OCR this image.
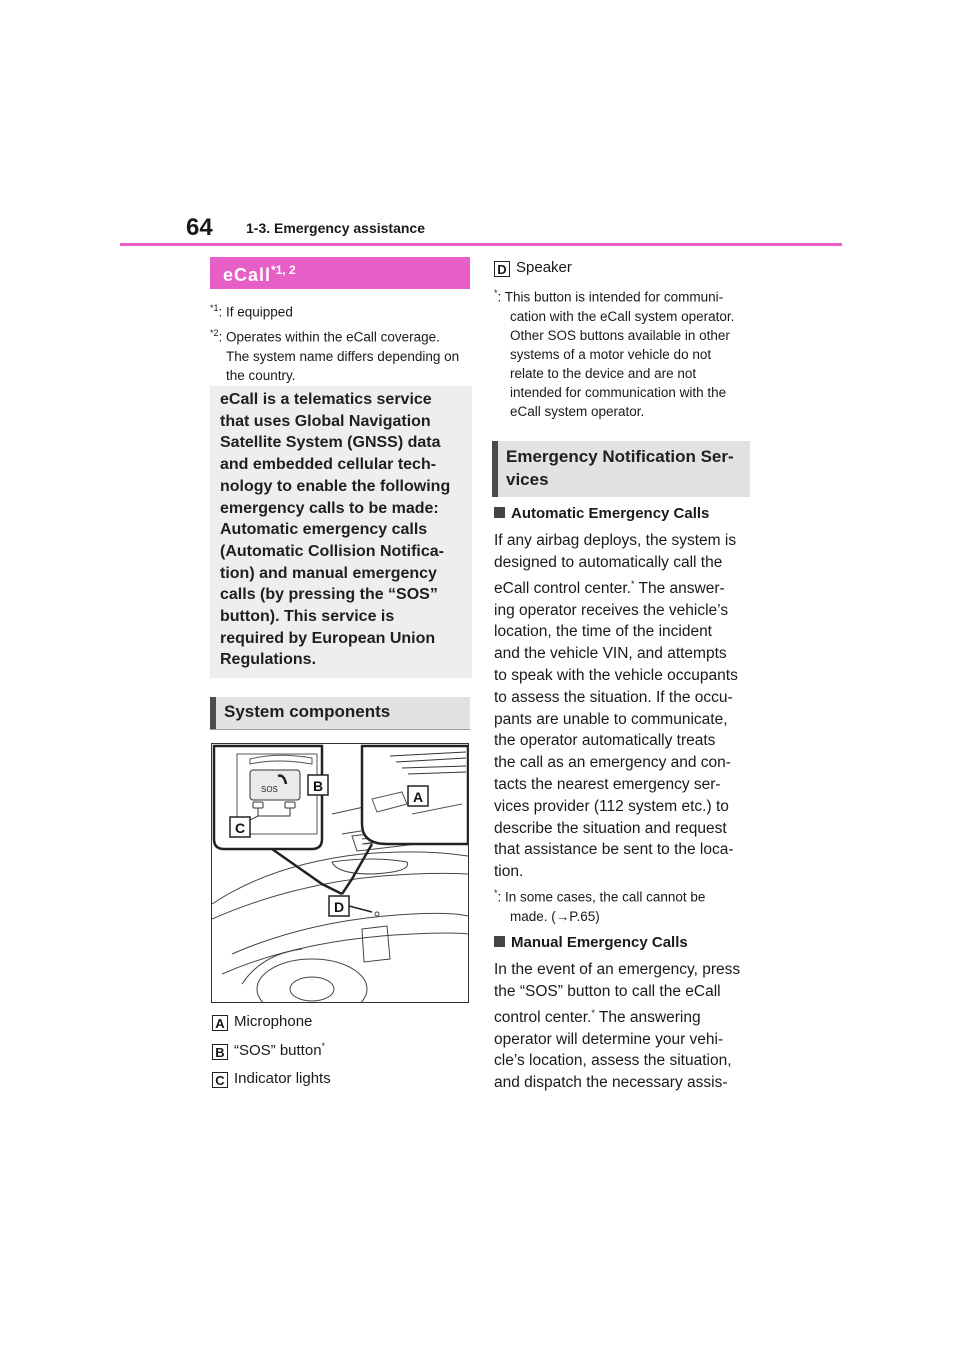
64 1-3. Emergency assistance
eCall$^{*1, 2}$
$^{*1}$: If equipped
$^{*2}$: Operates within the eCall coverage.
The system name differs depending on the country.
eCall is a telematics service
that uses Global Navigation
Satellite System (GNSS) data
and embedded cellular tech-
nology to enable the following
emergency calls to be made:
Automatic emergency calls
(Automatic Collision Notifica-
tion) and manual emergency
calls (by pressing the “SOS”
button). This service is
required by European Union
Regulations.
System components
SOS	B
A
C
D
A Microphone
B “SOS” button*
C Indicator lights
D Speaker
*: This button is intended for communi-
cation with the eCall system operator.
Other SOS buttons available in other
systems of a motor vehicle do not
relate to the device and are not
intended for communication with the
eCall system operator.
Emergency Notification Ser-
vices
Automatic Emergency Calls
If any airbag deploys, the system is
designed to automatically call the
eCall control center.* The answer-
ing operator receives the vehicle’s
location, the time of the incident
and the vehicle VIN, and attempts
to speak with the vehicle occupants
to assess the situation. If the occu-
pants are unable to communicate,
the operator automatically treats
the call as an emergency and con-
tacts the nearest emergency ser-
vices provider (112 system etc.) to
describe the situation and request
that assistance be sent to the loca-
tion.
*: In some cases, the call cannot be
made. (→P.65)
Manual Emergency Calls
In the event of an emergency, press
the “SOS” button to call the eCall
control center.* The answering
operator will determine your vehi-
cle’s location, assess the situation,
and dispatch the necessary assis-
